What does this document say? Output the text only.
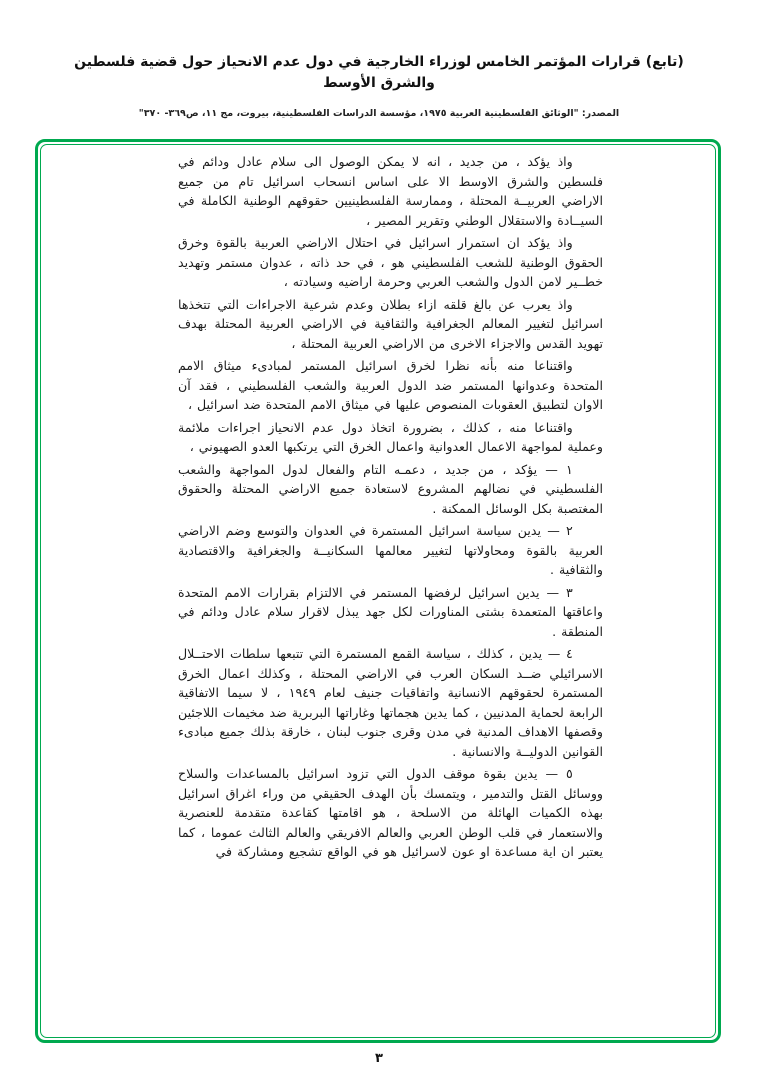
(تابع) قرارات المؤتمر الخامس لوزراء الخارجية في دول عدم الانحياز حول قضية فلسطين والشرق الأوسط
المصدر: "الوثائق الفلسطينية العربية ١٩٧٥، مؤسسة الدراسات الفلسطينية، بيروت، مج ١١، ص٣٦٩- ٣٧٠"

واذ يؤكد ، من جديد ، انه لا يمكن الوصول الى سلام عادل ودائم في فلسطين والشرق الاوسط الا على اساس انسحاب اسرائيل تام من جميع الاراضي العربيــة المحتلة ، وممارسة الفلسطينيين حقوقهم الوطنية الكاملة في السيــادة والاستقلال الوطني وتقرير المصير ،

واذ يؤكد ان استمرار اسرائيل في احتلال الاراضي العربية بالقوة وخرق الحقوق الوطنية للشعب الفلسطيني هو ، في حد ذاته ، عدوان مستمر وتهديد خطــير لامن الدول والشعب العربي وحرمة اراضيه وسيادته ،

واذ يعرب عن بالغ قلقه ازاء بطلان وعدم شرعية الاجراءات التي تتخذها اسرائيل لتغيير المعالم الجغرافية والثقافية في الاراضي العربية المحتلة بهدف تهويد القدس والاجزاء الاخرى من الاراضي العربية المحتلة ،

واقتناعا منه بأنه نظرا لخرق اسرائيل المستمر لمبادىء ميثاق الامم المتحدة وعدوانها المستمر ضد الدول العربية والشعب الفلسطيني ، فقد آن الاوان لتطبيق العقوبات المنصوص عليها في ميثاق الامم المتحدة ضد اسرائيل ،

واقتناعا منه ، كذلك ، بضرورة اتخاذ دول عدم الانحياز اجراءات ملائمة وعملية لمواجهة الاعمال العدوانية واعمال الخرق التي يرتكبها العدو الصهيوني ،

١ — يؤكد ، من جديد ، دعمـه التام والفعال لدول المواجهة والشعب الفلسطيني في نضالهم المشروع لاستعادة جميع الاراضي المحتلة والحقوق المغتصبة بكل الوسائل الممكنة .

٢ — يدين سياسة اسرائيل المستمرة في العدوان والتوسع وضم الاراضي العربية بالقوة ومحاولاتها لتغيير معالمها السكانيــة والجغرافية والاقتصادية والثقافية .

٣ — يدين اسرائيل لرفضها المستمر في الالتزام بقرارات الامم المتحدة واعاقتها المتعمدة بشتى المناورات لكل جهد يبذل لاقرار سلام عادل ودائم في المنطقة .

٤ — يدين ، كذلك ، سياسة القمع المستمرة التي تتبعها سلطات الاحتــلال الاسرائيلي ضــد السكان العرب في الاراضي المحتلة ، وكذلك اعمال الخرق المستمرة لحقوقهم الانسانية واتفاقيات جنيف لعام ١٩٤٩ ، لا سيما الاتفاقية الرابعة لحماية المدنيين ، كما يدين هجماتها وغاراتها البربرية ضد مخيمات اللاجئين وقصفها الاهداف المدنية في مدن وقرى جنوب لبنان ، خارقة بذلك جميع مبادىء القوانين الدوليــة والانسانية .

٥ — يدين بقوة موقف الدول التي تزود اسرائيل بالمساعدات والسلاح ووسائل القتل والتدمير ، ويتمسك بأن الهدف الحقيقي من وراء اغراق اسرائيل بهذه الكميات الهائلة من الاسلحة ، هو اقامتها كقاعدة متقدمة للعنصرية والاستعمار في قلب الوطن العربي والعالم الافريقي والعالم الثالث عموما ، كما يعتبر ان اية مساعدة او عون لاسرائيل هو في الواقع تشجيع ومشاركة في

٣
